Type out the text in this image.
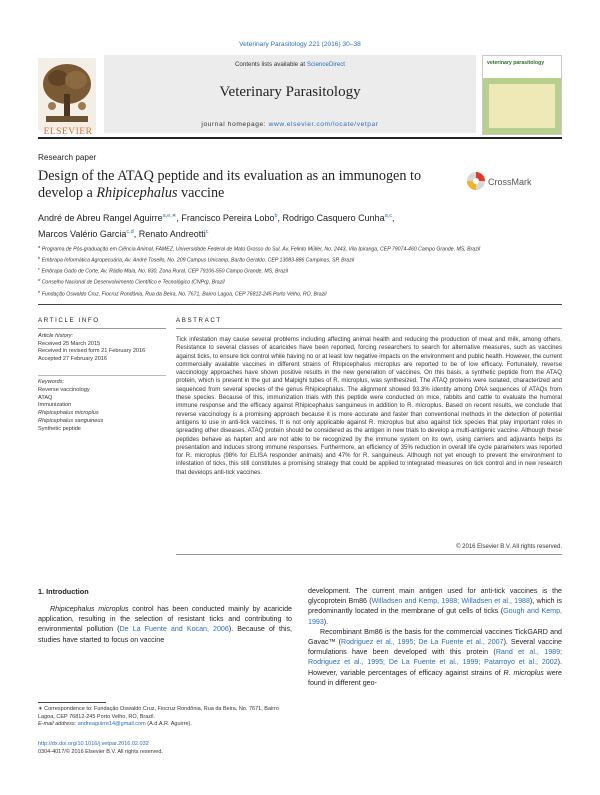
Veterinary Parasitology 221 (2016) 30–38
ELSEVIER
Contents lists available at ScienceDirect
Veterinary Parasitology
journal homepage: www.elsevier.com/locate/vetpar
veterinary parasitology
Research paper
Design of the ATAQ peptide and its evaluation as an immunogen to
develop a Rhipicephalus vaccine
CrossMark
André de Abreu Rangel Aguirre$^{a,e,∗}$, Francisco Pereira Lobo$^b$, Rodrigo Casquero Cunha$^{a,c}$,
Marcos Valério Garcia$^{c,d}$, Renato Andreotti$^c$
$^a$ Programa de Pós-graduação em Ciência Animal, FAMEZ, Universidade Federal de Mato Grosso do Sul, Av. Felinto Müller, No. 2443, Vila Ipiranga, CEP 79074-460 Campo Grande, MS, Brazil
$^b$ Embrapa Informática Agropecuária, Av. André Tosello, No. 209 Campus Unicamp, Barão Geraldo, CEP 13083-886 Campinas, SP, Brazil
$^c$ Embrapa Gado de Corte, Av. Rádio Maia, No. 830, Zona Rural, CEP 79106-550 Campo Grande, MS, Brazil
$^d$ Conselho Nacional de Desenvolvimento Científico e Tecnológico (CNPq), Brazil
$^e$ Fundação Oswaldo Cruz, Fiocruz Rondônia, Rua da Beira, No. 7671, Bairro Lagoa, CEP 76812-245 Porto Velho, RO, Brazil
ARTICLE INFO	ABSTRACT
Article history:
Received 25 March 2015
Received in revised form 21 February 2016
Accepted 27 February 2016
Keywords:
Reverse vaccinology
ATAQ
Immunization
Rhipicephalus microplus
Rhipicephalus sanguineus
Synthetic peptide
Tick infestation may cause several problems including affecting animal health and reducing the production of meat and milk, among others. Resistance to several classes of acaricides have been reported, forcing researchers to search for alternative measures, such as vaccines against ticks, to ensure tick control while having no or at least low negative impacts on the environment and public health. However, the current commercially available vaccines in different strains of Rhipicephalus microplus are reported to be of low efficacy. Fortunately, reverse vaccinology approaches have shown positive results in the new generation of vaccines. On this basis, a synthetic peptide from the ATAQ protein, which is present in the gut and Malpighi tubes of R. microplus, was synthesized. The ATAQ proteins were isolated, characterized and sequenced from several species of the genus Rhipicephalus. The alignment showed 93.3% identity among DNA sequences of ATAQs from these species. Because of this, immunization trials with this peptide were conducted on mice, rabbits and cattle to evaluate the humoral immune response and the efficacy against Rhipicephalus sanguineus in addition to R. microplus. Based on recent results, we conclude that reverse vaccinology is a promising approach because it is more accurate and faster than conventional methods in the detection of potential antigens to use in anti-tick vaccines. It is not only applicable against R. microplus but also against tick species that play important roles in spreading other diseases. ATAQ protein should be considered as the antigen in new trials to develop a multi-antigenic vaccine. Although these peptides behave as hapten and are not able to be recognized by the immune system on its own, using carriers and adjuvants helps its presentation and induces strong immune responses. Furthermore, an efficiency of 35% reduction in overall life cycle parameters was reported for R. microplus (98% for ELISA responder animals) and 47% for R. sanguineus. Although not yet enough to prevent the environment to infestation of ticks, this still constitutes a promising strategy that could be applied to integrated measures on tick control and in new research that develops anti-tick vaccines.
© 2016 Elsevier B.V. All rights reserved.
1. Introduction
Rhipicephalus microplus control has been conducted mainly by acaricide application, resulting in the selection of resistant ticks and contributing to environmental pollution (De La Fuente and Kocan, 2006). Because of this, studies have started to focus on vaccine
development. The current main antigen used for anti-tick vaccines is the glycoprotein Bm86 (Willadsen and Kemp, 1988; Willadsen et al., 1988), which is predominantly located in the membrane of gut cells of ticks (Gough and Kemp, 1993).
Recombinant Bm86 is the basis for the commercial vaccines TickGARD and Gavac™ (Rodriguez et al., 1995; De La Fuente et al., 2007). Several vaccine formulations have been developed with this protein (Rand et al., 1989; Rodriguez et al., 1995; De La Fuente et al., 1999; Patarroyo et al., 2002). However, variable percentages of efficacy against strains of R. microplus were found in different geo-
∗ Correspondence to: Fundação Oswaldo Cruz, Fiocruz Rondônia, Rua da Beira, No. 7671, Bairro Lagoa, CEP 76812-245 Porto Velho, RO, Brazil.
E-mail address: andreaguirre14@gmail.com (A.d.A.R. Aguirre).
http://dx.doi.org/10.1016/j.vetpar.2016.02.032
0304-4017/© 2016 Elsevier B.V. All rights reserved.
